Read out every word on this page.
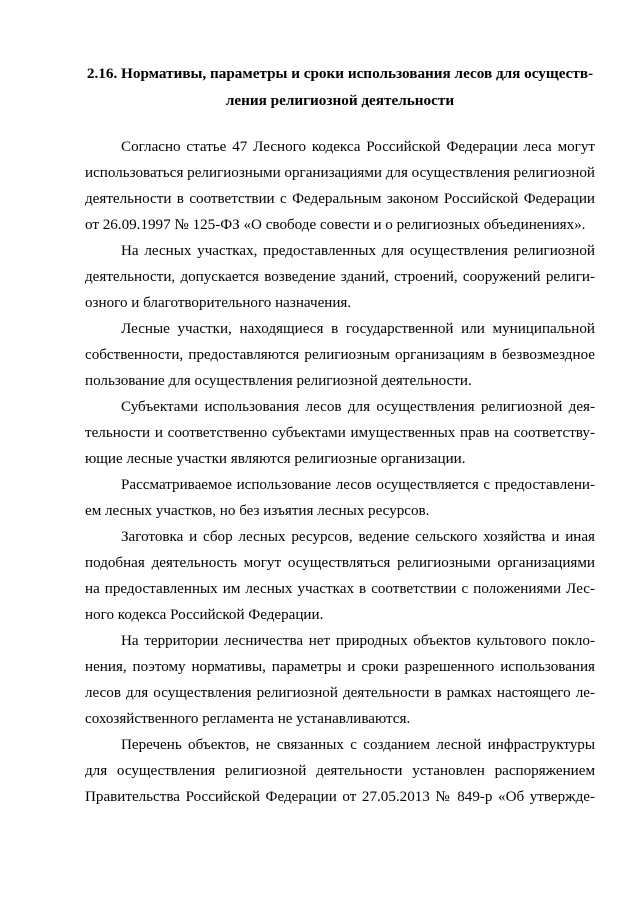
2.16. Нормативы, параметры и сроки использования лесов для осуществ-
ления религиозной деятельности

Согласно статье 47 Лесного кодекса Российской Федерации леса могут
использоваться религиозными организациями для осуществления религиозной
деятельности в соответствии с Федеральным законом Российской Федерации
от 26.09.1997 № 125-ФЗ «О свободе совести и о религиозных объединениях».

На лесных участках, предоставленных для осуществления религиозной
деятельности, допускается возведение зданий, строений, сооружений религи-
озного и благотворительного назначения.

Лесные участки, находящиеся в государственной или муниципальной
собственности, предоставляются религиозным организациям в безвозмездное
пользование для осуществления религиозной деятельности.

Субъектами использования лесов для осуществления религиозной дея-
тельности и соответственно субъектами имущественных прав на соответству-
ющие лесные участки являются религиозные организации.

Рассматриваемое использование лесов осуществляется с предоставлени-
ем лесных участков, но без изъятия лесных ресурсов.

Заготовка и сбор лесных ресурсов, ведение сельского хозяйства и иная
подобная деятельность могут осуществляться религиозными организациями
на предоставленных им лесных участках в соответствии с положениями Лес-
ного кодекса Российской Федерации.

На территории лесничества нет природных объектов культового покло-
нения, поэтому нормативы, параметры и сроки разрешенного использования
лесов для осуществления религиозной деятельности в рамках настоящего ле-
сохозяйственного регламента не устанавливаются.

Перечень объектов, не связанных с созданием лесной инфраструктуры
для осуществления религиозной деятельности установлен распоряжением
Правительства Российской Федерации от 27.05.2013 № 849-р «Об утвержде-
